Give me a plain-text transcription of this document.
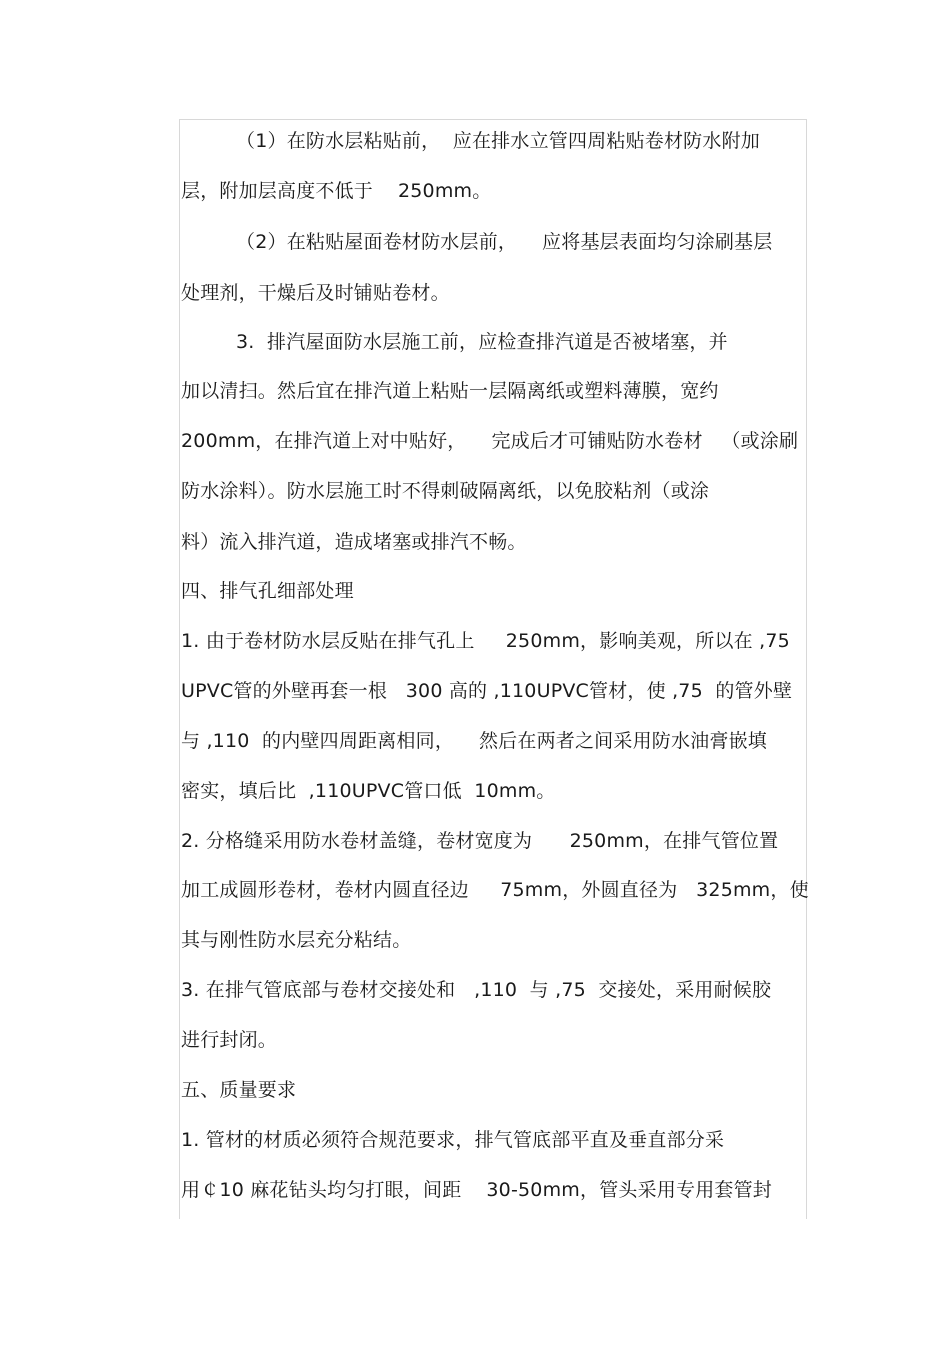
（1）在防水层粘贴前，  应在排水立管四周粘贴卷材防水附加
层，附加层高度不低于    250mm。
（2）在粘贴屋面卷材防水层前，    应将基层表面均匀涂刷基层
处理剂，干燥后及时铺贴卷材。
3.  排汽屋面防水层施工前，应检查排汽道是否被堵塞，并
加以清扫。然后宜在排汽道上粘贴一层隔离纸或塑料薄膜，宽约
200mm，在排汽道上对中贴好，    完成后才可铺贴防水卷材   （或涂刷
防水涂料）。防水层施工时不得刺破隔离纸，以免胶粘剂（或涂
料）流入排汽道，造成堵塞或排汽不畅。
四、排气孔细部处理
1. 由于卷材防水层反贴在排气孔上     250mm，影响美观，所以在 ,75
UPVC管的外壁再套一根   300 高的 ,110UPVC管材，使 ,75  的管外壁
与 ,110  的内壁四周距离相同，    然后在两者之间采用防水油膏嵌填
密实，填后比  ,110UPVC管口低  10mm。
2. 分格缝采用防水卷材盖缝，卷材宽度为      250mm，在排气管位置
加工成圆形卷材，卷材内圆直径边     75mm，外圆直径为   325mm，使
其与刚性防水层充分粘结。
3. 在排气管底部与卷材交接处和   ,110  与 ,75  交接处，采用耐候胶
进行封闭。
五、质量要求
1. 管材的材质必须符合规范要求，排气管底部平直及垂直部分采
用￠10 麻花钻头均匀打眼，间距    30-50mm，管头采用专用套管封
